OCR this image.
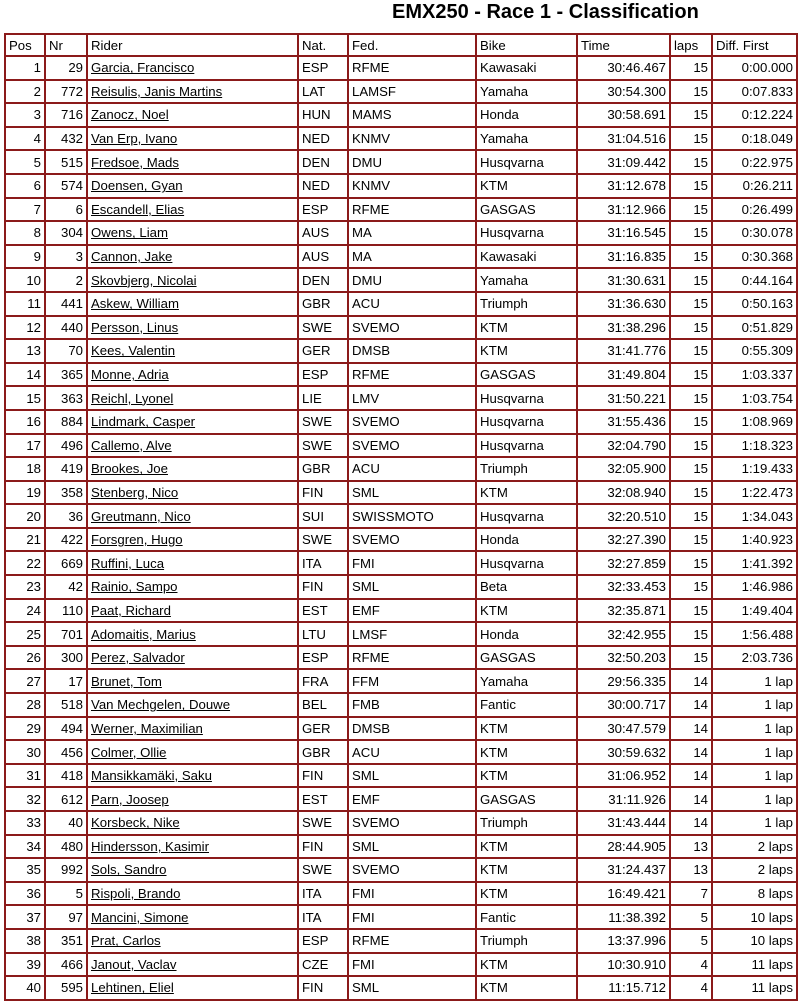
EMX250 - Race 1 - Classification
Pos	Nr	Rider	Nat.	Fed.	Bike	Time	laps	Diff. First
1	29	Garcia, Francisco	ESP	RFME	Kawasaki	30:46.467	15	0:00.000
2	772	Reisulis, Janis Martins	LAT	LAMSF	Yamaha	30:54.300	15	0:07.833
3	716	Zanocz, Noel	HUN	MAMS	Honda	30:58.691	15	0:12.224
4	432	Van Erp, Ivano	NED	KNMV	Yamaha	31:04.516	15	0:18.049
5	515	Fredsoe, Mads	DEN	DMU	Husqvarna	31:09.442	15	0:22.975
6	574	Doensen, Gyan	NED	KNMV	KTM	31:12.678	15	0:26.211
7	6	Escandell, Elias	ESP	RFME	GASGAS	31:12.966	15	0:26.499
8	304	Owens, Liam	AUS	MA	Husqvarna	31:16.545	15	0:30.078
9	3	Cannon, Jake	AUS	MA	Kawasaki	31:16.835	15	0:30.368
10	2	Skovbjerg, Nicolai	DEN	DMU	Yamaha	31:30.631	15	0:44.164
11	441	Askew, William	GBR	ACU	Triumph	31:36.630	15	0:50.163
12	440	Persson, Linus	SWE	SVEMO	KTM	31:38.296	15	0:51.829
13	70	Kees, Valentin	GER	DMSB	KTM	31:41.776	15	0:55.309
14	365	Monne, Adria	ESP	RFME	GASGAS	31:49.804	15	1:03.337
15	363	Reichl, Lyonel	LIE	LMV	Husqvarna	31:50.221	15	1:03.754
16	884	Lindmark, Casper	SWE	SVEMO	Husqvarna	31:55.436	15	1:08.969
17	496	Callemo, Alve	SWE	SVEMO	Husqvarna	32:04.790	15	1:18.323
18	419	Brookes, Joe	GBR	ACU	Triumph	32:05.900	15	1:19.433
19	358	Stenberg, Nico	FIN	SML	KTM	32:08.940	15	1:22.473
20	36	Greutmann, Nico	SUI	SWISSMOTO	Husqvarna	32:20.510	15	1:34.043
21	422	Forsgren, Hugo	SWE	SVEMO	Honda	32:27.390	15	1:40.923
22	669	Ruffini, Luca	ITA	FMI	Husqvarna	32:27.859	15	1:41.392
23	42	Rainio, Sampo	FIN	SML	Beta	32:33.453	15	1:46.986
24	110	Paat, Richard	EST	EMF	KTM	32:35.871	15	1:49.404
25	701	Adomaitis, Marius	LTU	LMSF	Honda	32:42.955	15	1:56.488
26	300	Perez, Salvador	ESP	RFME	GASGAS	32:50.203	15	2:03.736
27	17	Brunet, Tom	FRA	FFM	Yamaha	29:56.335	14	1 lap
28	518	Van Mechgelen, Douwe	BEL	FMB	Fantic	30:00.717	14	1 lap
29	494	Werner, Maximilian	GER	DMSB	KTM	30:47.579	14	1 lap
30	456	Colmer, Ollie	GBR	ACU	KTM	30:59.632	14	1 lap
31	418	Mansikkamäki, Saku	FIN	SML	KTM	31:06.952	14	1 lap
32	612	Parn, Joosep	EST	EMF	GASGAS	31:11.926	14	1 lap
33	40	Korsbeck, Nike	SWE	SVEMO	Triumph	31:43.444	14	1 lap
34	480	Hindersson, Kasimir	FIN	SML	KTM	28:44.905	13	2 laps
35	992	Sols, Sandro	SWE	SVEMO	KTM	31:24.437	13	2 laps
36	5	Rispoli, Brando	ITA	FMI	KTM	16:49.421	7	8 laps
37	97	Mancini, Simone	ITA	FMI	Fantic	11:38.392	5	10 laps
38	351	Prat, Carlos	ESP	RFME	Triumph	13:37.996	5	10 laps
39	466	Janout, Vaclav	CZE	FMI	KTM	10:30.910	4	11 laps
40	595	Lehtinen, Eliel	FIN	SML	KTM	11:15.712	4	11 laps
